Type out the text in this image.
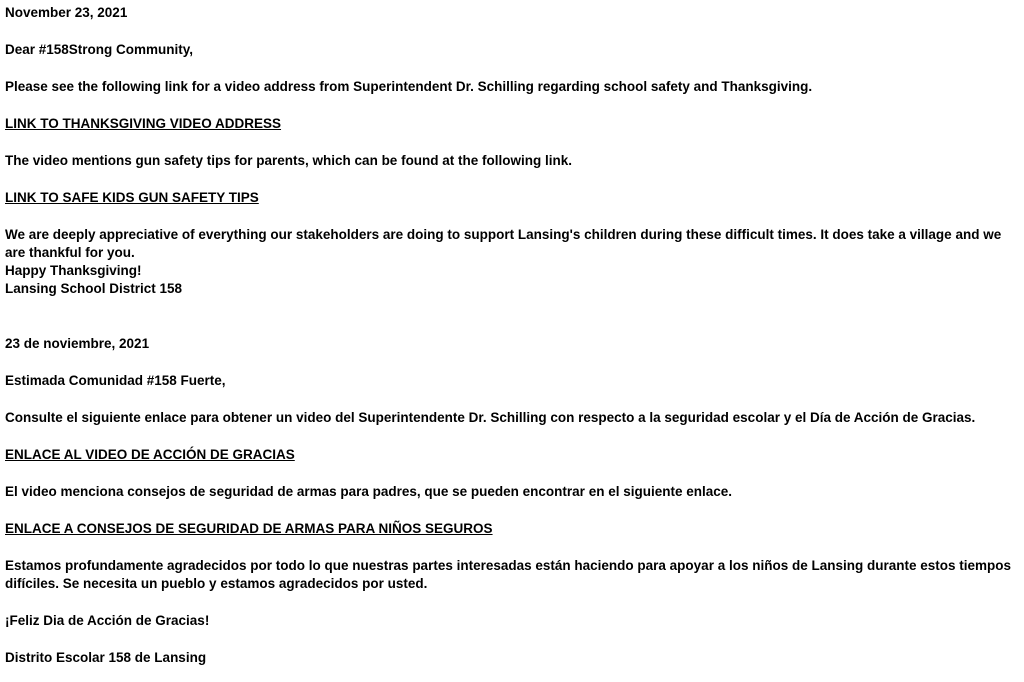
November 23, 2021

Dear #158Strong Community,

Please see the following link for a video address from Superintendent Dr. Schilling regarding school safety and Thanksgiving.

LINK TO THANKSGIVING VIDEO ADDRESS

The video mentions gun safety tips for parents, which can be found at the following link.

LINK TO SAFE KIDS GUN SAFETY TIPS

We are deeply appreciative of everything our stakeholders are doing to support Lansing's children during these difficult times. It does take a village and we are thankful for you.

Happy Thanksgiving!

Lansing School District 158

23 de noviembre, 2021

Estimada Comunidad #158 Fuerte,

Consulte el siguiente enlace para obtener un video del Superintendente Dr. Schilling con respecto a la seguridad escolar y el Día de Acción de Gracias.

ENLACE AL VIDEO DE ACCIÓN DE GRACIAS

El video menciona consejos de seguridad de armas para padres, que se pueden encontrar en el siguiente enlace.

ENLACE A CONSEJOS DE SEGURIDAD DE ARMAS PARA NIÑOS SEGUROS

Estamos profundamente agradecidos por todo lo que nuestras partes interesadas están haciendo para apoyar a los niños de Lansing durante estos tiempos difíciles. Se necesita un pueblo y estamos agradecidos por usted.

¡Feliz Dia de Acción de Gracias!

Distrito Escolar 158 de Lansing
